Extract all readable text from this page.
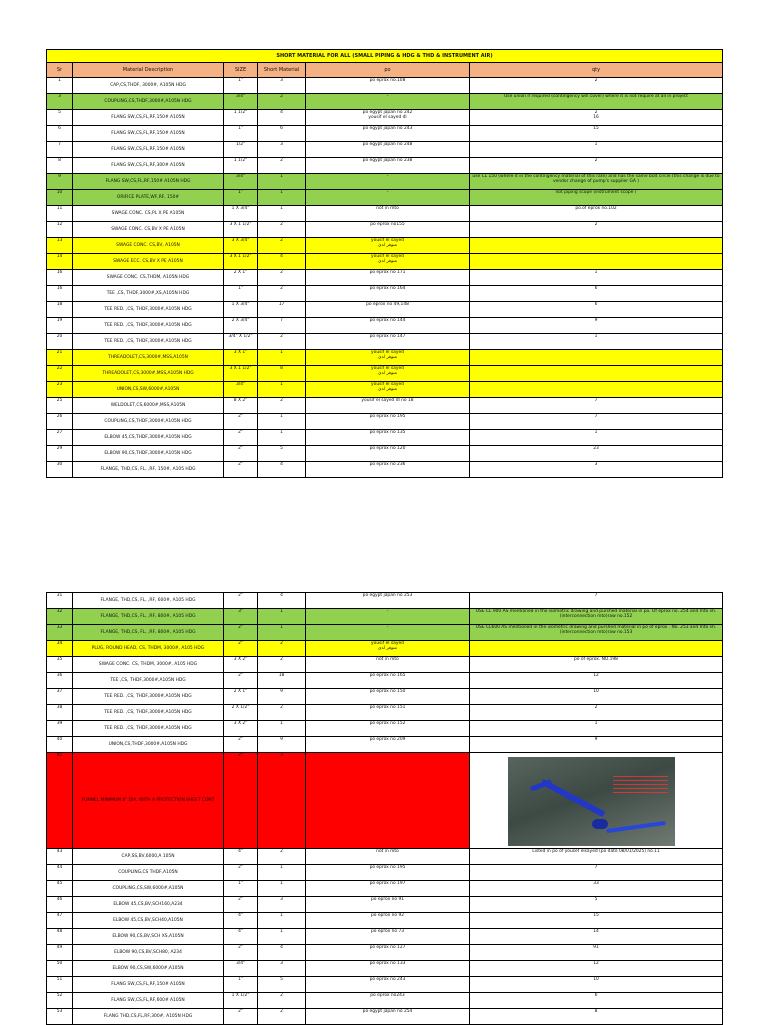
SHORT MATERIAL FOR ALL (SMALL PIPING & HDG & THD & INSTRUMENT AIR)					
Sr	Material Description	SIZE	Short Material	po	qty
1	CAP,CS,THDF, 3000#, A105N HDG	1"	3	po eprox no.108	2
3	COUPLING,CS,THDF,3000#,A105N HDG	3/4"	2	-	Use union if required (contingency will cover) where it is not require at all in project
5	FLANG SW,CS,FL,RF,150# A105N	1 1/2"	4	po egypt japan no 242
yousif el sayed dl	2
16
6	FLANG SW,CS,FL,RF,150# A105N	1"	6	po egypt japan no 243	15
7	FLANG SW,CS,FL,RF,150# A105N	1/2"	3	po egypt japan no 248	1
8	FLANG SW,CS,FL,RF,300# A105N	1 1/2"	2	po egypt japan no 238	2
9	FLANG SW,CS,FL,RF,150# A105N HDG	3/4"	1	-	use CL 150 (where it in the contingency material of this rate) and has the same bolt circle (this change is due to vendor change of pump's supplier GA )
10	ORIFICE PLATE,WF,RF, 150#	1"	1	-	not piping scope (instrument scope )
11	SWAGE CONC. CS,PL X PE A105N	1 X 3/4"	1	not in mto	po.of eprox no.102
12	SWAGE CONC. CS,BV X PE A105N	3 X 1 1/2"	2	po eprox no155	2
13	SWAGE CONC. CS,BV, A105N	3 X 3/4"	2	yousif el sayed
متوفر لدي	
14	SWAGE ECC. CS,BV X PE A105N	3 X 1 1/2"	4	yousif el sayed
متوفر لدي	
16	SWAGE CONC. CS,THDM, A105N HDG	2 X 1"	2	po eprox no 171	1
16	TEE ,CS, THDF,3000#,XS,A105N HDG	1"	2	po eprox no 164	6
18	TEE RED. ,CS, THDF,3000#,A105N HDG	1 X 3/4"	17	po eprox no 49,148	6
19	TEE RED. ,CS, THDF,3000#,A105N HDG	2 X 3/4"	7	po eprox no 144	9
20	TEE RED. ,CS, THDF,3000#,A105N HDG	3/4" X 1/2"	2	po eprox no 147	1
21	THREADOLET,CS,3000#,MSS,A105N	3 X 1"	1	yousif el sayed
متوفر لدي	
22	THREADOLET,CS,3000#,MSS,A105N HDG	3 X 1 1/2"	8	yousif el sayed
متوفر لدي	
23	UNION,CS,SW,6000#,A105N	3/4"	1	yousif el sayed
متوفر لدي	
25	WELDOLET,CS,6000#,MSS,A105N	8 X 2"	2	yousif el sayed dl no 18	7
26	COUPLING,CS,THDF,3000#,A105N HDG	2"	1	po eprox no 195	7
27	ELBOW 45,CS,THDF,3000#,A105N HDG	2"	1	po eprox no 135	1
29	ELBOW 90,CS,THDF,3000#,A105N HDG	2"	5	po eprox no 120	23
30	FLANGE, THD,CS, FL, ,RF, 150#, A105 HDG	2"	4	po eprox no 236	3
31	FLANGE, THD,CS, FL, ,RF, 600#, A105 HDG	2"	4	po egypt japan no 253	7
32	FLANGE, THD,CS, FL, ,RF, 800#, A105 HDG	3"	1	-	USE CL 900 AS mentioned in the isometric drawing and purshed material in po. Of eprox no. 254 and mto sh.(interconnection mto)raw no.152
33	FLANGE, THD,CS, FL, ,RF, 800#, A105 HDG	2"	1	-	USE CL600 AS mentioned in the isometric drawing and purshed material in po of eprox . No. 253 and mto sh.(interconnection mto)raw no.153
34	PLUG, ROUND HEAD, CS, THDM, 3000#, A105 HDG	2"	2	yousif el sayed
متوفر لدي	
35	SWAGE CONC. CS, THDM, 3000#, A105 HDG	3 X 2"	2	not in mto	po of eprox. NO.198
36	TEE ,CS, THDF,3000#,A105N HDG	2"	18	po eprox no 165	12
37	TEE RED. ,CS, THDF,3000#,A105N HDG	2 X 1"	9	po eprox no 150	10
38	TEE RED. ,CS, THDF,3000#,A105N HDG	2 X 1/2"	2	po eprox no 151	2
39	TEE RED. ,CS, THDF,3000#,A105N HDG	3 X 2"	1	po eprox no 152	1
40	UNION,CS,THDF,3000#,A105N HDG	2"	9	po eprox no 209	9
41	FUNNEL MINIMUM 8" DIA. WITH A PROTECTION SHEET CONT	2"	3		
43	CAP,SS,BV,6000,A 105N	4"	2	not in mto	Listed in po of yousef elsayed (po date 08/01/2025) no.11
44	COUPLING,CS THDF,A105N	2"	1	po eprox no 195	7
45	COUPLING,CS,SW,6000#,A105N	1"	1	po eprox no 197	33
46	ELBOW 45,CS,BV,SCH160,A234	2"	3	po eprox no 91	5
47	ELBOW 45,CS,BV,SCH40,A105N	4"	1	po eprox no 92	15
48	ELBOW 90,CS,BV,SCH XS,A105N	4"	1	po eprox no 73	14
49	ELBOW 90,CS,BV,SCH80, A234	2"	4	po eprox no 127	91
50	ELBOW 90,CS,SW,6000#,A105N	3/4"	3	po eprox no 133	12
51	FLANG SW,CS,FL,RF,150# A105N	1"	5	po eprox no 243	10
52	FLANG SW,CS,FL,RF,600# A105N	1 X 1/2"	2	po eprox no243	6
53	FLANG THD,CS,FL,RF,300#, A105N HDG	2"	2	po egypt japan no 254	8
